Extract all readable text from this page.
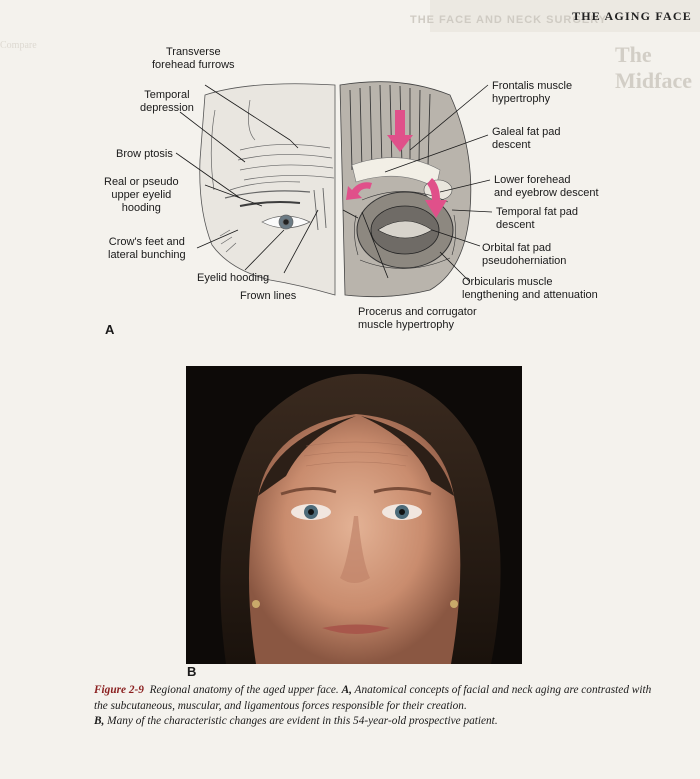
THE FACE AND NECK SURGERY
THE AGING FACE
The Midface
Compare
Transverse
forehead furrows
Temporal
depression
Brow ptosis
Real or pseudo
upper eyelid
hooding
Crow's feet and
lateral bunching
Eyelid hooding
Frown lines
Frontalis muscle
hypertrophy
Galeal fat pad
descent
Lower forehead
and eyebrow descent
Temporal fat pad
descent
Orbital fat pad
pseudoherniation
Orbicularis muscle
lengthening and attenuation
Procerus and corrugator
muscle hypertrophy
A
B
Figure 2-9 Regional anatomy of the aged upper face. A, Anatomical concepts of facial and neck aging are contrasted with the subcutaneous, muscular, and ligamentous forces responsible for their creation.
B, Many of the characteristic changes are evident in this 54-year-old prospective patient.
